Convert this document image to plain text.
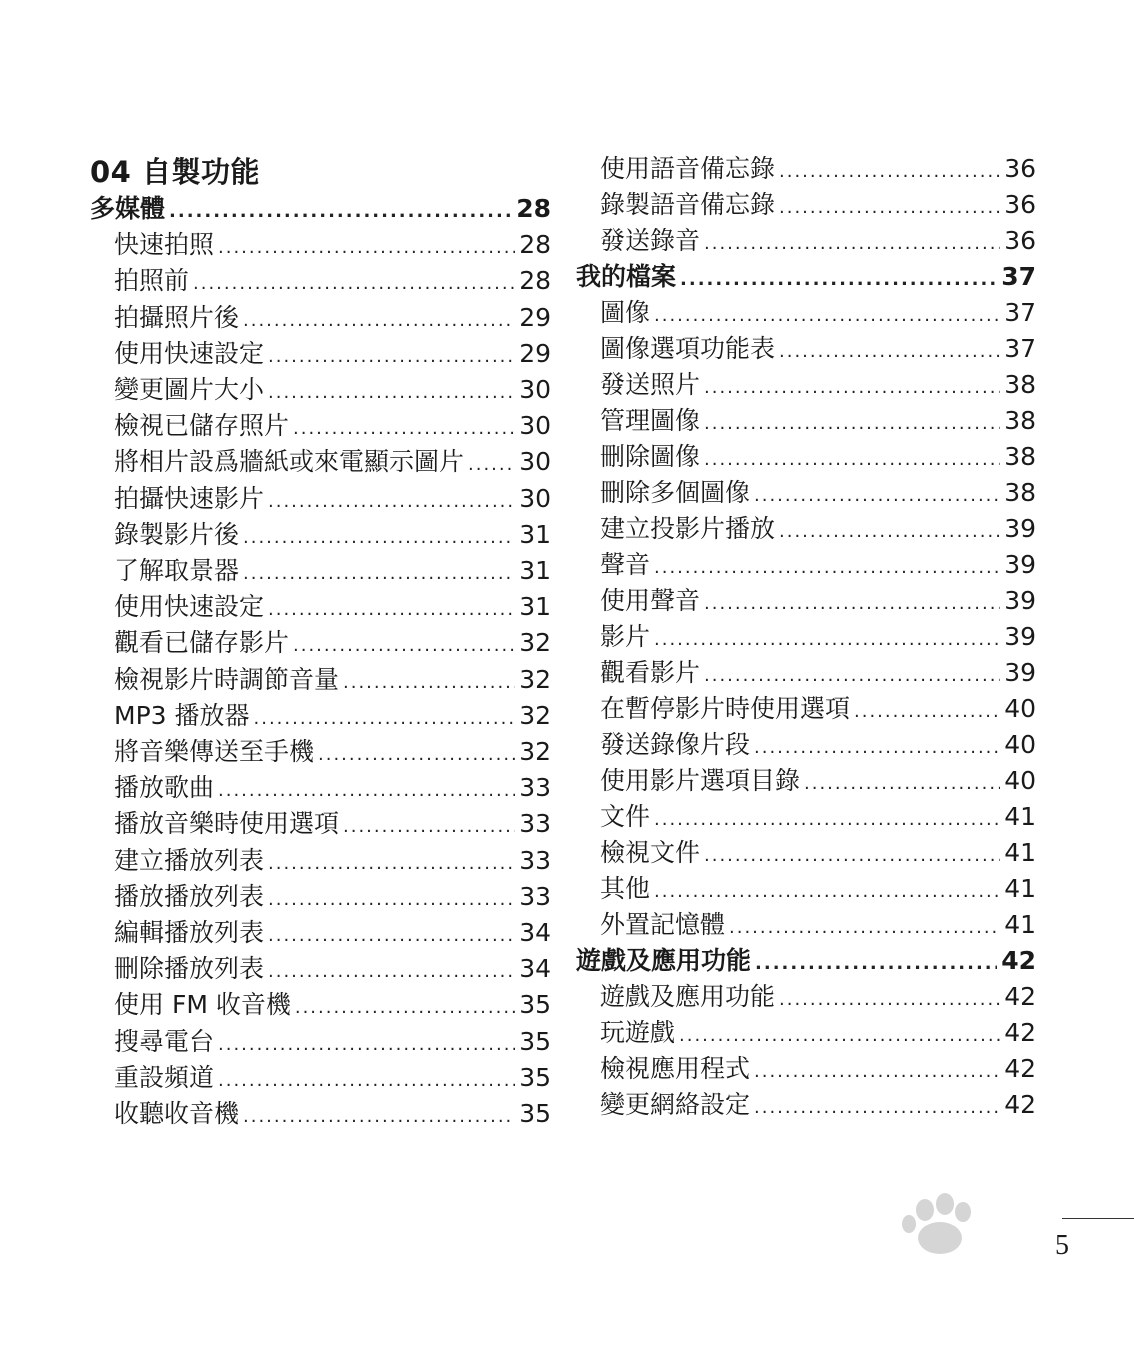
04 自製功能
多媒體 .....	28
快速拍照 .....	28
拍照前 .....	28
拍攝照片後 .....	29
使用快速設定 .....	29
變更圖片大小 .....	30
檢視已儲存照片 .....	30
將相片設爲牆紙或來電顯示圖片 ..... 30
拍攝快速影片 .....	30
錄製影片後 .....	31
了解取景器 .....	31
使用快速設定 .....	31
觀看已儲存影片 .....	32
檢視影片時調節音量 .....	32
MP3 播放器 .....	32
將音樂傳送至手機 .....	32
播放歌曲 .....	33
播放音樂時使用選項 .....	33
建立播放列表 .....	33
播放播放列表 .....	33
編輯播放列表 .....	34
刪除播放列表 .....	34
使用 FM 收音機 .....	35
搜尋電台 .....	35
重設頻道 .....	35
收聽收音機 .....	35
使用語音備忘錄 .....	36
錄製語音備忘錄 .....	36
發送錄音 .....	36
我的檔案 .....	37
圖像 .....	37
圖像選項功能表 .....	37
發送照片 .....	38
管理圖像 .....	38
刪除圖像 .....	38
刪除多個圖像 .....	38
建立投影片播放 .....	39
聲音 .....	39
使用聲音 .....	39
影片 .....	39
觀看影片 .....	39
在暫停影片時使用選項 .....	40
發送錄像片段 .....	40
使用影片選項目錄 .....	40
文件 .....	41
檢視文件 .....	41
其他 .....	41
外置記憶體 .....	41
遊戲及應用功能 .....	42
遊戲及應用功能 .....	42
玩遊戲 .....	42
檢視應用程式 .....	42
變更網絡設定 .....	42
5
